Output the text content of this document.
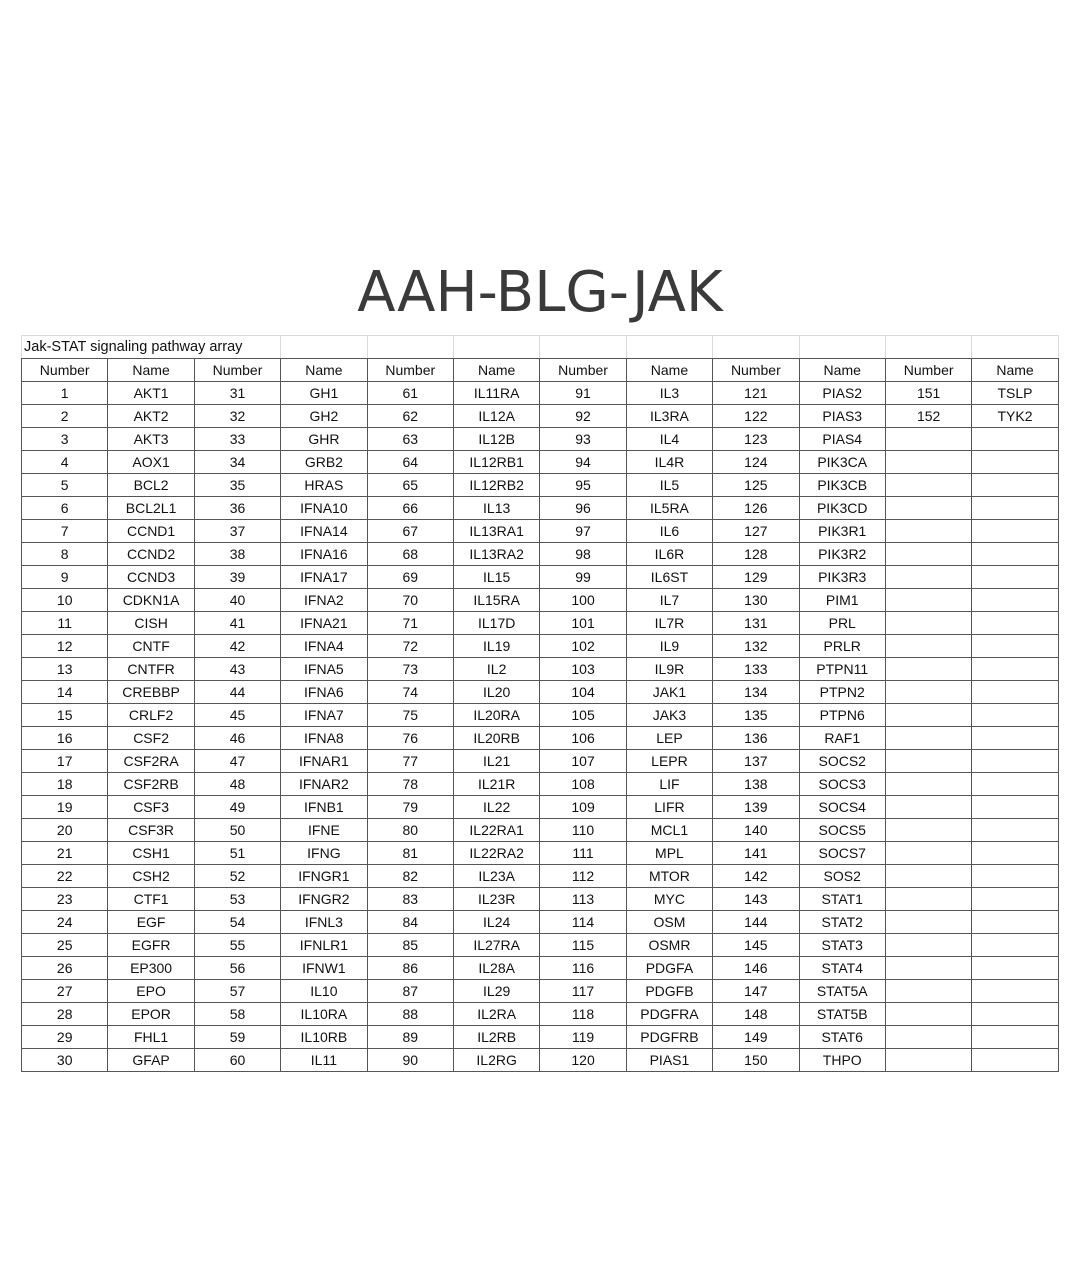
AAH-BLG-JAK
Jak-STAT signaling pathway array											
Number	Name	Number	Name	Number	Name	Number	Name	Number	Name	Number	Name
1	AKT1	31	GH1	61	IL11RA	91	IL3	121	PIAS2	151	TSLP
2	AKT2	32	GH2	62	IL12A	92	IL3RA	122	PIAS3	152	TYK2
3	AKT3	33	GHR	63	IL12B	93	IL4	123	PIAS4		
4	AOX1	34	GRB2	64	IL12RB1	94	IL4R	124	PIK3CA		
5	BCL2	35	HRAS	65	IL12RB2	95	IL5	125	PIK3CB		
6	BCL2L1	36	IFNA10	66	IL13	96	IL5RA	126	PIK3CD		
7	CCND1	37	IFNA14	67	IL13RA1	97	IL6	127	PIK3R1		
8	CCND2	38	IFNA16	68	IL13RA2	98	IL6R	128	PIK3R2		
9	CCND3	39	IFNA17	69	IL15	99	IL6ST	129	PIK3R3		
10	CDKN1A	40	IFNA2	70	IL15RA	100	IL7	130	PIM1		
11	CISH	41	IFNA21	71	IL17D	101	IL7R	131	PRL		
12	CNTF	42	IFNA4	72	IL19	102	IL9	132	PRLR		
13	CNTFR	43	IFNA5	73	IL2	103	IL9R	133	PTPN11		
14	CREBBP	44	IFNA6	74	IL20	104	JAK1	134	PTPN2		
15	CRLF2	45	IFNA7	75	IL20RA	105	JAK3	135	PTPN6		
16	CSF2	46	IFNA8	76	IL20RB	106	LEP	136	RAF1		
17	CSF2RA	47	IFNAR1	77	IL21	107	LEPR	137	SOCS2		
18	CSF2RB	48	IFNAR2	78	IL21R	108	LIF	138	SOCS3		
19	CSF3	49	IFNB1	79	IL22	109	LIFR	139	SOCS4		
20	CSF3R	50	IFNE	80	IL22RA1	110	MCL1	140	SOCS5		
21	CSH1	51	IFNG	81	IL22RA2	111	MPL	141	SOCS7		
22	CSH2	52	IFNGR1	82	IL23A	112	MTOR	142	SOS2		
23	CTF1	53	IFNGR2	83	IL23R	113	MYC	143	STAT1		
24	EGF	54	IFNL3	84	IL24	114	OSM	144	STAT2		
25	EGFR	55	IFNLR1	85	IL27RA	115	OSMR	145	STAT3		
26	EP300	56	IFNW1	86	IL28A	116	PDGFA	146	STAT4		
27	EPO	57	IL10	87	IL29	117	PDGFB	147	STAT5A		
28	EPOR	58	IL10RA	88	IL2RA	118	PDGFRA	148	STAT5B		
29	FHL1	59	IL10RB	89	IL2RB	119	PDGFRB	149	STAT6		
30	GFAP	60	IL11	90	IL2RG	120	PIAS1	150	THPO		
